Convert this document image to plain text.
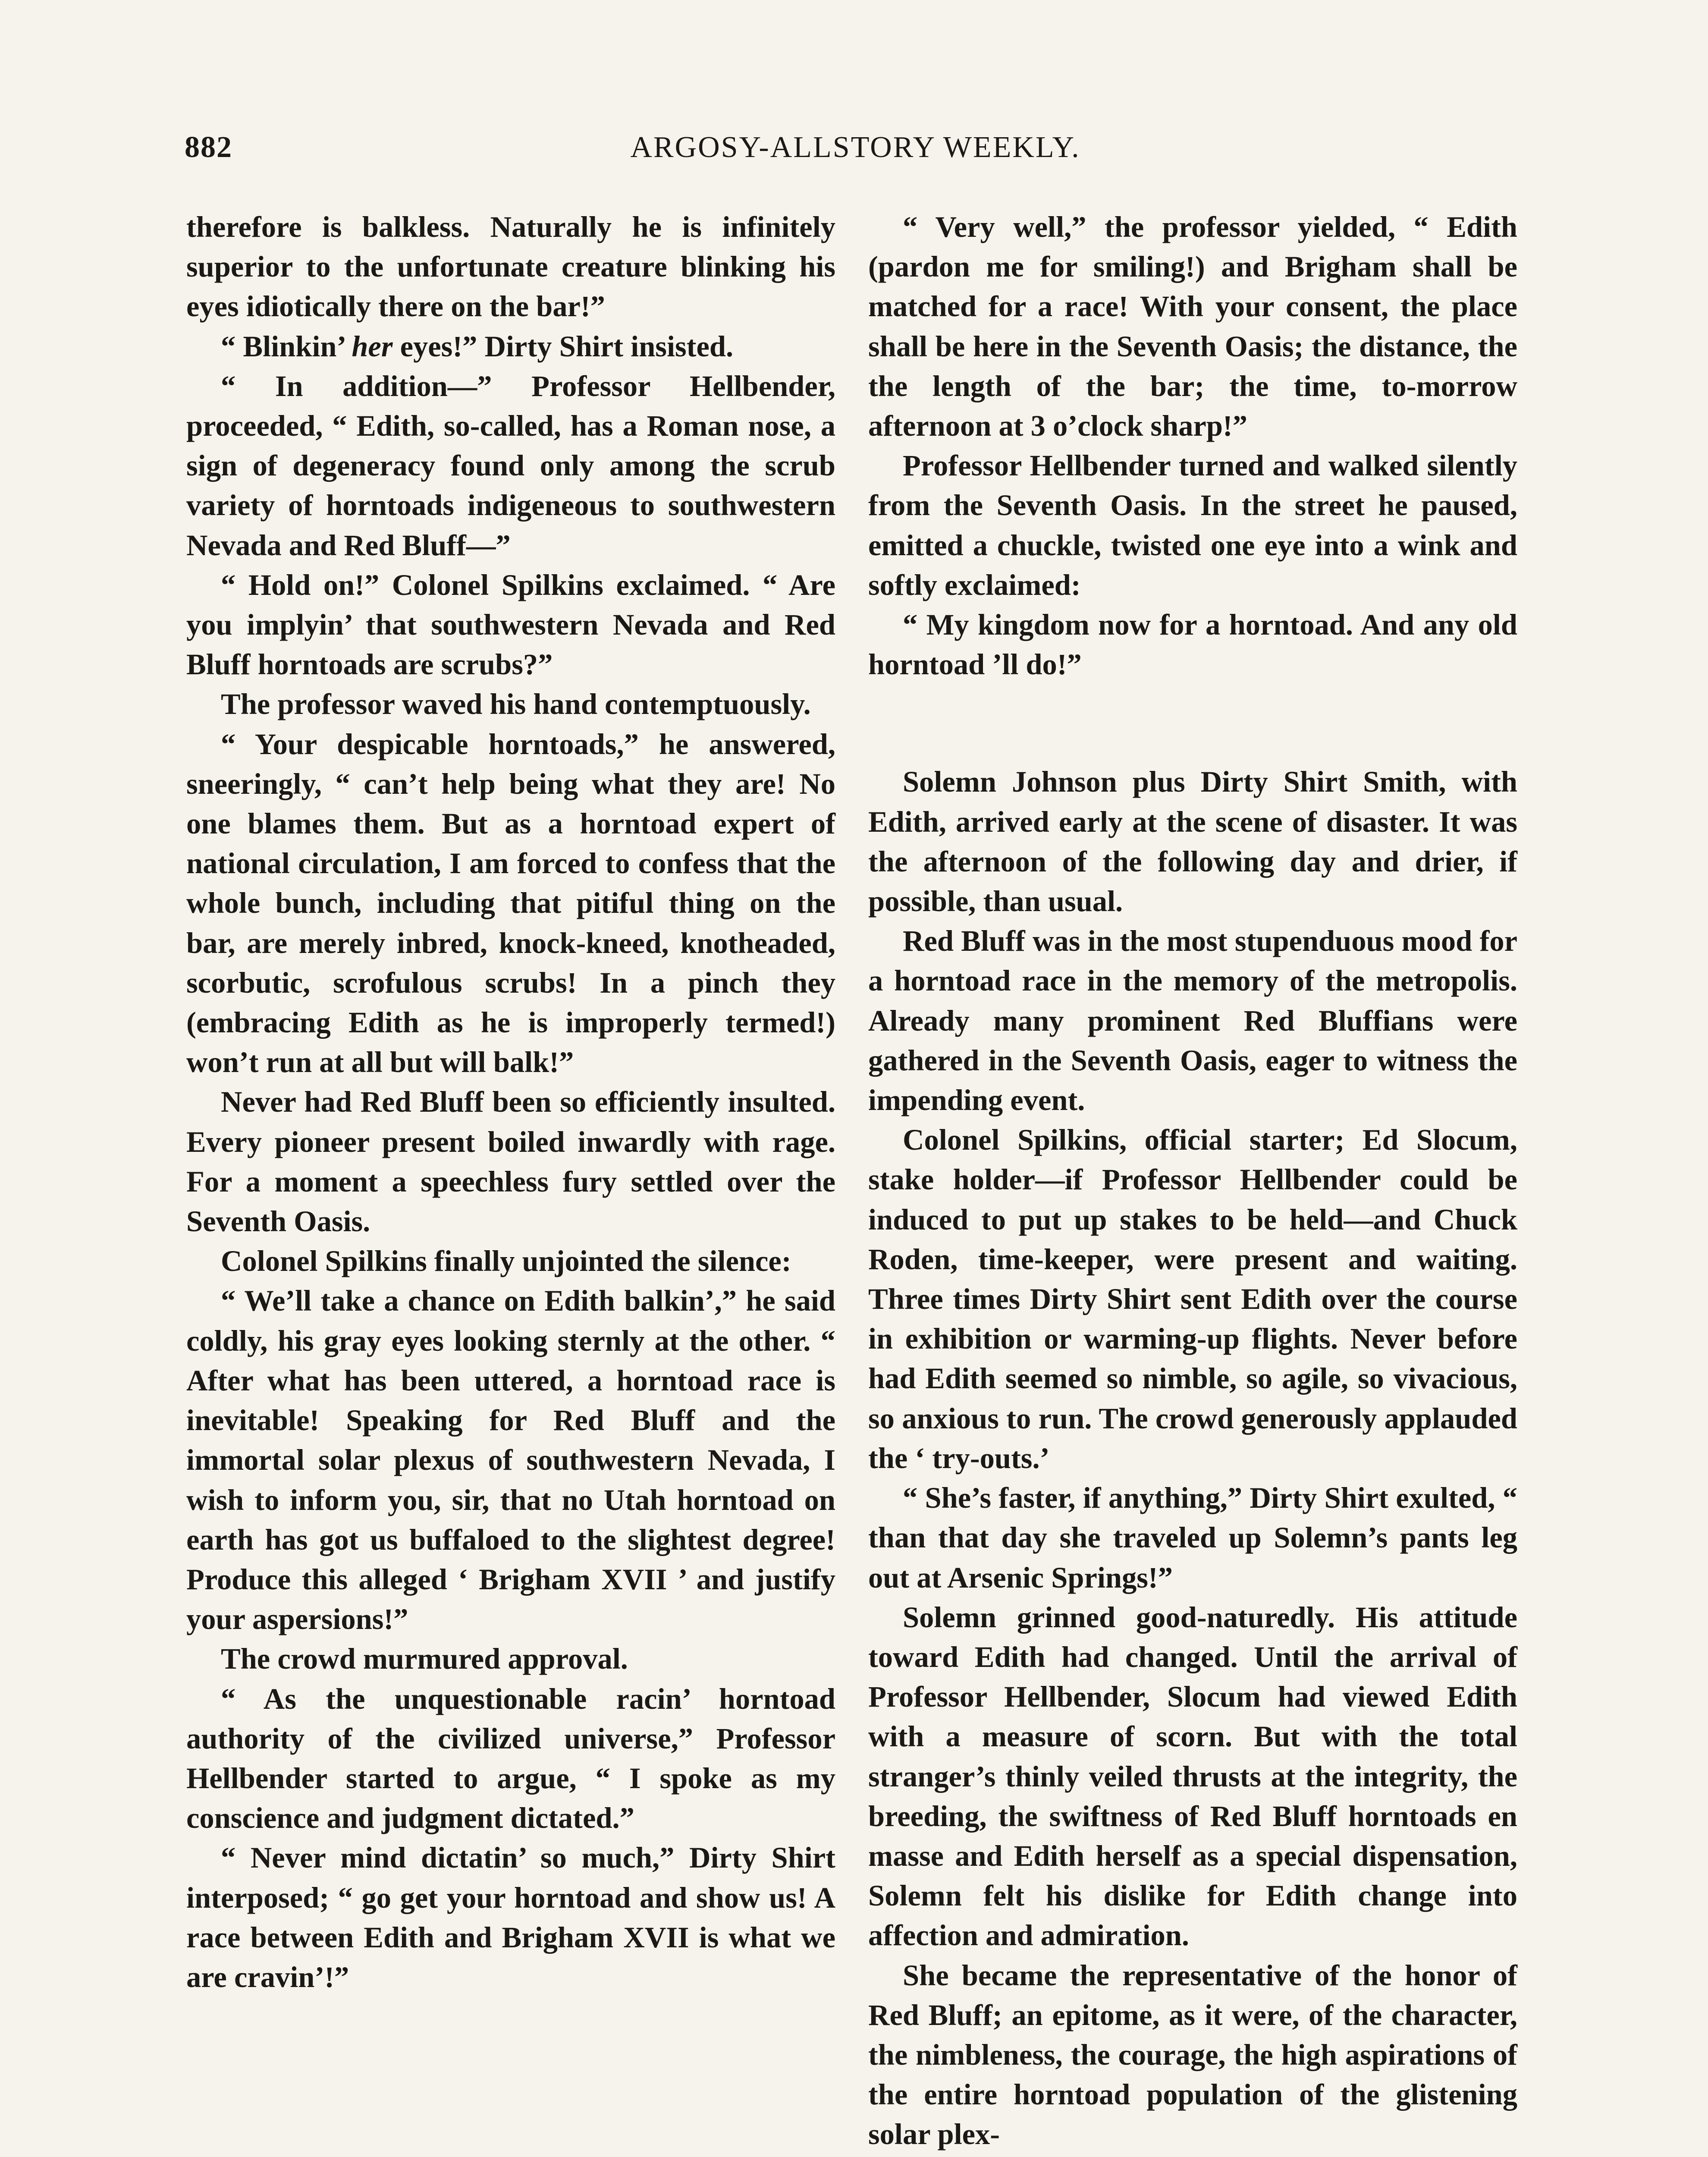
882	ARGOSY-ALLSTORY WEEKLY.

therefore is balkless. Naturally he is infinitely superior to the unfortunate creature blinking his eyes idiotically there on the bar!”

“ Blinkin’ her eyes!” Dirty Shirt insisted.

“ In addition—” Professor Hellbender, proceeded, “ Edith, so-called, has a Roman nose, a sign of degeneracy found only among the scrub variety of horntoads indigeneous to southwestern Nevada and Red Bluff—”

“ Hold on!” Colonel Spilkins exclaimed. “ Are you implyin’ that southwestern Nevada and Red Bluff horntoads are scrubs?”

The professor waved his hand contemptuously.

“ Your despicable horntoads,” he answered, sneeringly, “ can’t help being what they are! No one blames them. But as a horntoad expert of national circulation, I am forced to confess that the whole bunch, including that pitiful thing on the bar, are merely inbred, knock-kneed, knotheaded, scorbutic, scrofulous scrubs! In a pinch they (embracing Edith as he is improperly termed!) won’t run at all but will balk!”

Never had Red Bluff been so efficiently insulted. Every pioneer present boiled inwardly with rage. For a moment a speechless fury settled over the Seventh Oasis.

Colonel Spilkins finally unjointed the silence:

“ We’ll take a chance on Edith balkin’,” he said coldly, his gray eyes looking sternly at the other. “ After what has been uttered, a horntoad race is inevitable! Speaking for Red Bluff and the immortal solar plexus of southwestern Nevada, I wish to inform you, sir, that no Utah horntoad on earth has got us buffaloed to the slightest degree! Produce this alleged ‘ Brigham XVII ’ and justify your aspersions!”

The crowd murmured approval.

“ As the unquestionable racin’ horntoad authority of the civilized universe,” Professor Hellbender started to argue, “ I spoke as my conscience and judgment dictated.”

“ Never mind dictatin’ so much,” Dirty Shirt interposed; “ go get your horntoad and show us! A race between Edith and Brigham XVII is what we are cravin’!”

“ Very well,” the professor yielded, “ Edith (pardon me for smiling!) and Brigham shall be matched for a race! With your consent, the place shall be here in the Seventh Oasis; the distance, the the length of the bar; the time, to-morrow afternoon at 3 o’clock sharp!”

Professor Hellbender turned and walked silently from the Seventh Oasis. In the street he paused, emitted a chuckle, twisted one eye into a wink and softly exclaimed:

“ My kingdom now for a horntoad. And any old horntoad ’ll do!”

Solemn Johnson plus Dirty Shirt Smith, with Edith, arrived early at the scene of disaster. It was the afternoon of the following day and drier, if possible, than usual.

Red Bluff was in the most stupenduous mood for a horntoad race in the memory of the metropolis. Already many prominent Red Bluffians were gathered in the Seventh Oasis, eager to witness the impending event.

Colonel Spilkins, official starter; Ed Slocum, stake holder—if Professor Hellbender could be induced to put up stakes to be held—and Chuck Roden, time-keeper, were present and waiting. Three times Dirty Shirt sent Edith over the course in exhibition or warming-up flights. Never before had Edith seemed so nimble, so agile, so vivacious, so anxious to run. The crowd generously applauded the ‘ try-outs.’

“ She’s faster, if anything,” Dirty Shirt exulted, “ than that day she traveled up Solemn’s pants leg out at Arsenic Springs!”

Solemn grinned good-naturedly. His attitude toward Edith had changed. Until the arrival of Professor Hellbender, Slocum had viewed Edith with a measure of scorn. But with the total stranger’s thinly veiled thrusts at the integrity, the breeding, the swiftness of Red Bluff horntoads en masse and Edith herself as a special dispensation, Solemn felt his dislike for Edith change into affection and admiration.

She became the representative of the honor of Red Bluff; an epitome, as it were, of the character, the nimbleness, the courage, the high aspirations of the entire horntoad population of the glistening solar plex-
